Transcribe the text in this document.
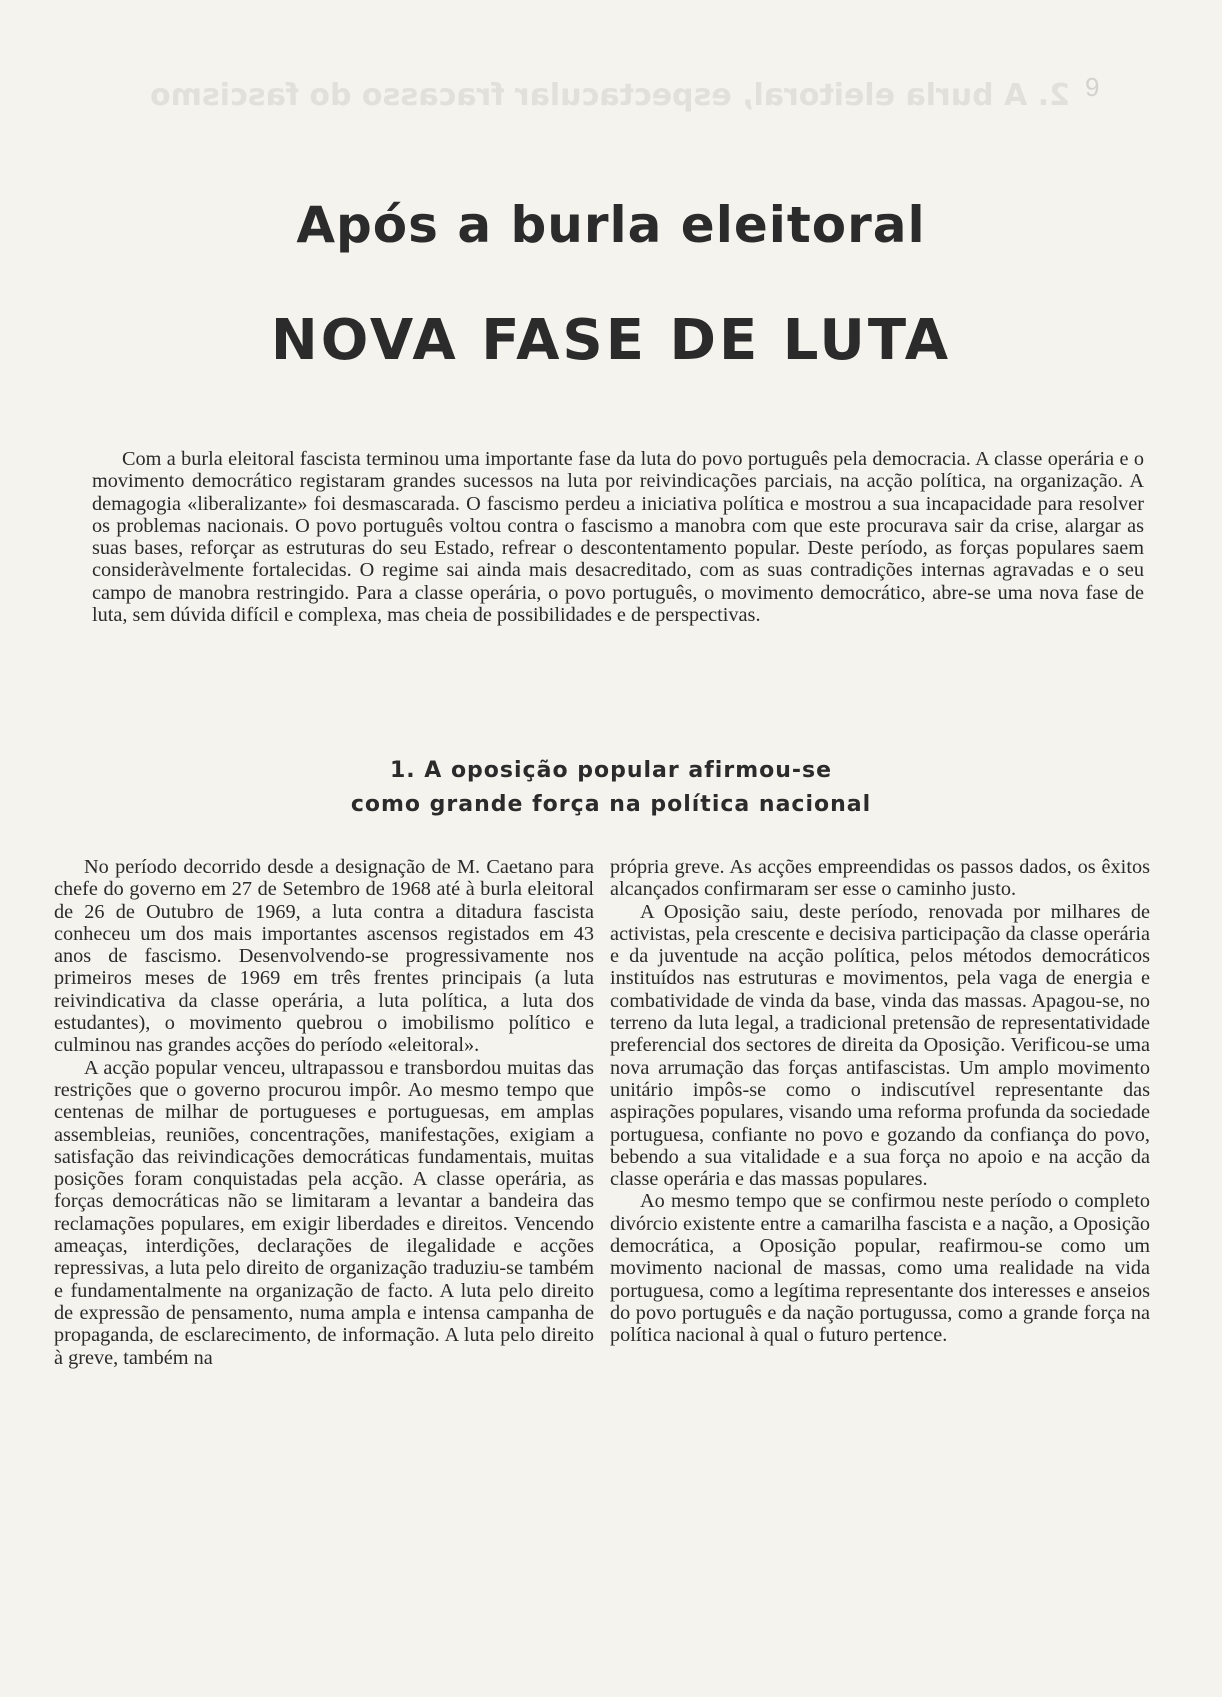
2. A burla eleitoral, espectacular fracasso do fascismo 9
Após a burla eleitoral
NOVA FASE DE LUTA

Com a burla eleitoral fascista terminou uma importante fase da luta do povo português pela democracia. A classe operária e o movimento democrático registaram grandes sucessos na luta por reivindicações parciais, na acção política, na organização. A demagogia «liberalizante» foi desmascarada. O fascismo perdeu a iniciativa política e mostrou a sua incapacidade para resolver os problemas nacionais. O povo português voltou contra o fascismo a manobra com que este procurava sair da crise, alargar as suas bases, reforçar as estruturas do seu Estado, refrear o descontentamento popular. Deste período, as forças populares saem consideràvelmente fortalecidas. O regime sai ainda mais desacreditado, com as suas contradições internas agravadas e o seu campo de manobra restringido. Para a classe operária, o povo português, o movimento democrático, abre-se uma nova fase de luta, sem dúvida difícil e complexa, mas cheia de possibilidades e de perspectivas.

1. A oposição popular afirmou-se
como grande força na política nacional

No período decorrido desde a designação de M. Caetano para chefe do governo em 27 de Setembro de 1968 até à burla eleitoral de 26 de Outubro de 1969, a luta contra a ditadura fascista conheceu um dos mais importantes ascensos registados em 43 anos de fascismo. Desenvolvendo-se progressivamente nos primeiros meses de 1969 em três frentes principais (a luta reivindicativa da classe operária, a luta política, a luta dos estudantes), o movimento quebrou o imobilismo político e culminou nas grandes acções do período «eleitoral».

A acção popular venceu, ultrapassou e transbordou muitas das restrições que o governo procurou impôr. Ao mesmo tempo que centenas de milhar de portugueses e portuguesas, em amplas assembleias, reuniões, concentrações, manifestações, exigiam a satisfação das reivindicações democráticas fundamentais, muitas posições foram conquistadas pela acção. A classe operária, as forças democráticas não se limitaram a levantar a bandeira das reclamações populares, em exigir liberdades e direitos. Vencendo ameaças, interdições, declarações de ilegalidade e acções repressivas, a luta pelo direito de organização traduziu-se também e fundamentalmente na organização de facto. A luta pelo direito de expressão de pensamento, numa ampla e intensa campanha de propaganda, de esclarecimento, de informação. A luta pelo direito à greve, também na

própria greve. As acções empreendidas os passos dados, os êxitos alcançados confirmaram ser esse o caminho justo.

A Oposição saiu, deste período, renovada por milhares de activistas, pela crescente e decisiva participação da classe operária e da juventude na acção política, pelos métodos democráticos instituídos nas estruturas e movimentos, pela vaga de energia e combatividade de vinda da base, vinda das massas. Apagou-se, no terreno da luta legal, a tradicional pretensão de representatividade preferencial dos sectores de direita da Oposição. Verificou-se uma nova arrumação das forças antifascistas. Um amplo movimento unitário impôs-se como o indiscutível representante das aspirações populares, visando uma reforma profunda da sociedade portuguesa, confiante no povo e gozando da confiança do povo, bebendo a sua vitalidade e a sua força no apoio e na acção da classe operária e das massas populares.

Ao mesmo tempo que se confirmou neste período o completo divórcio existente entre a camarilha fascista e a nação, a Oposição democrática, a Oposição popular, reafirmou-se como um movimento nacional de massas, como uma realidade na vida portuguesa, como a legítima representante dos interesses e anseios do povo português e da nação portugussa, como a grande força na política nacional à qual o futuro pertence.
